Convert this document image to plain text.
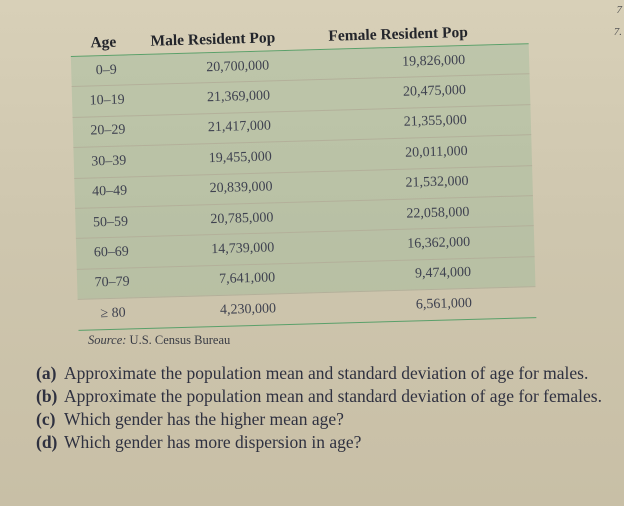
7
7.
Age	Male Resident Pop	Female Resident Pop
0–9	20,700,000	19,826,000
10–19	21,369,000	20,475,000
20–29	21,417,000	21,355,000
30–39	19,455,000	20,011,000
40–49	20,839,000	21,532,000
50–59	20,785,000	22,058,000
60–69	14,739,000	16,362,000
70–79	7,641,000	9,474,000
≥ 80	4,230,000	6,561,000
Source: U.S. Census Bureau
(a) Approximate the population mean and standard deviation of age for males.
(b) Approximate the population mean and standard deviation of age for females.
(c) Which gender has the higher mean age?
(d) Which gender has more dispersion in age?
